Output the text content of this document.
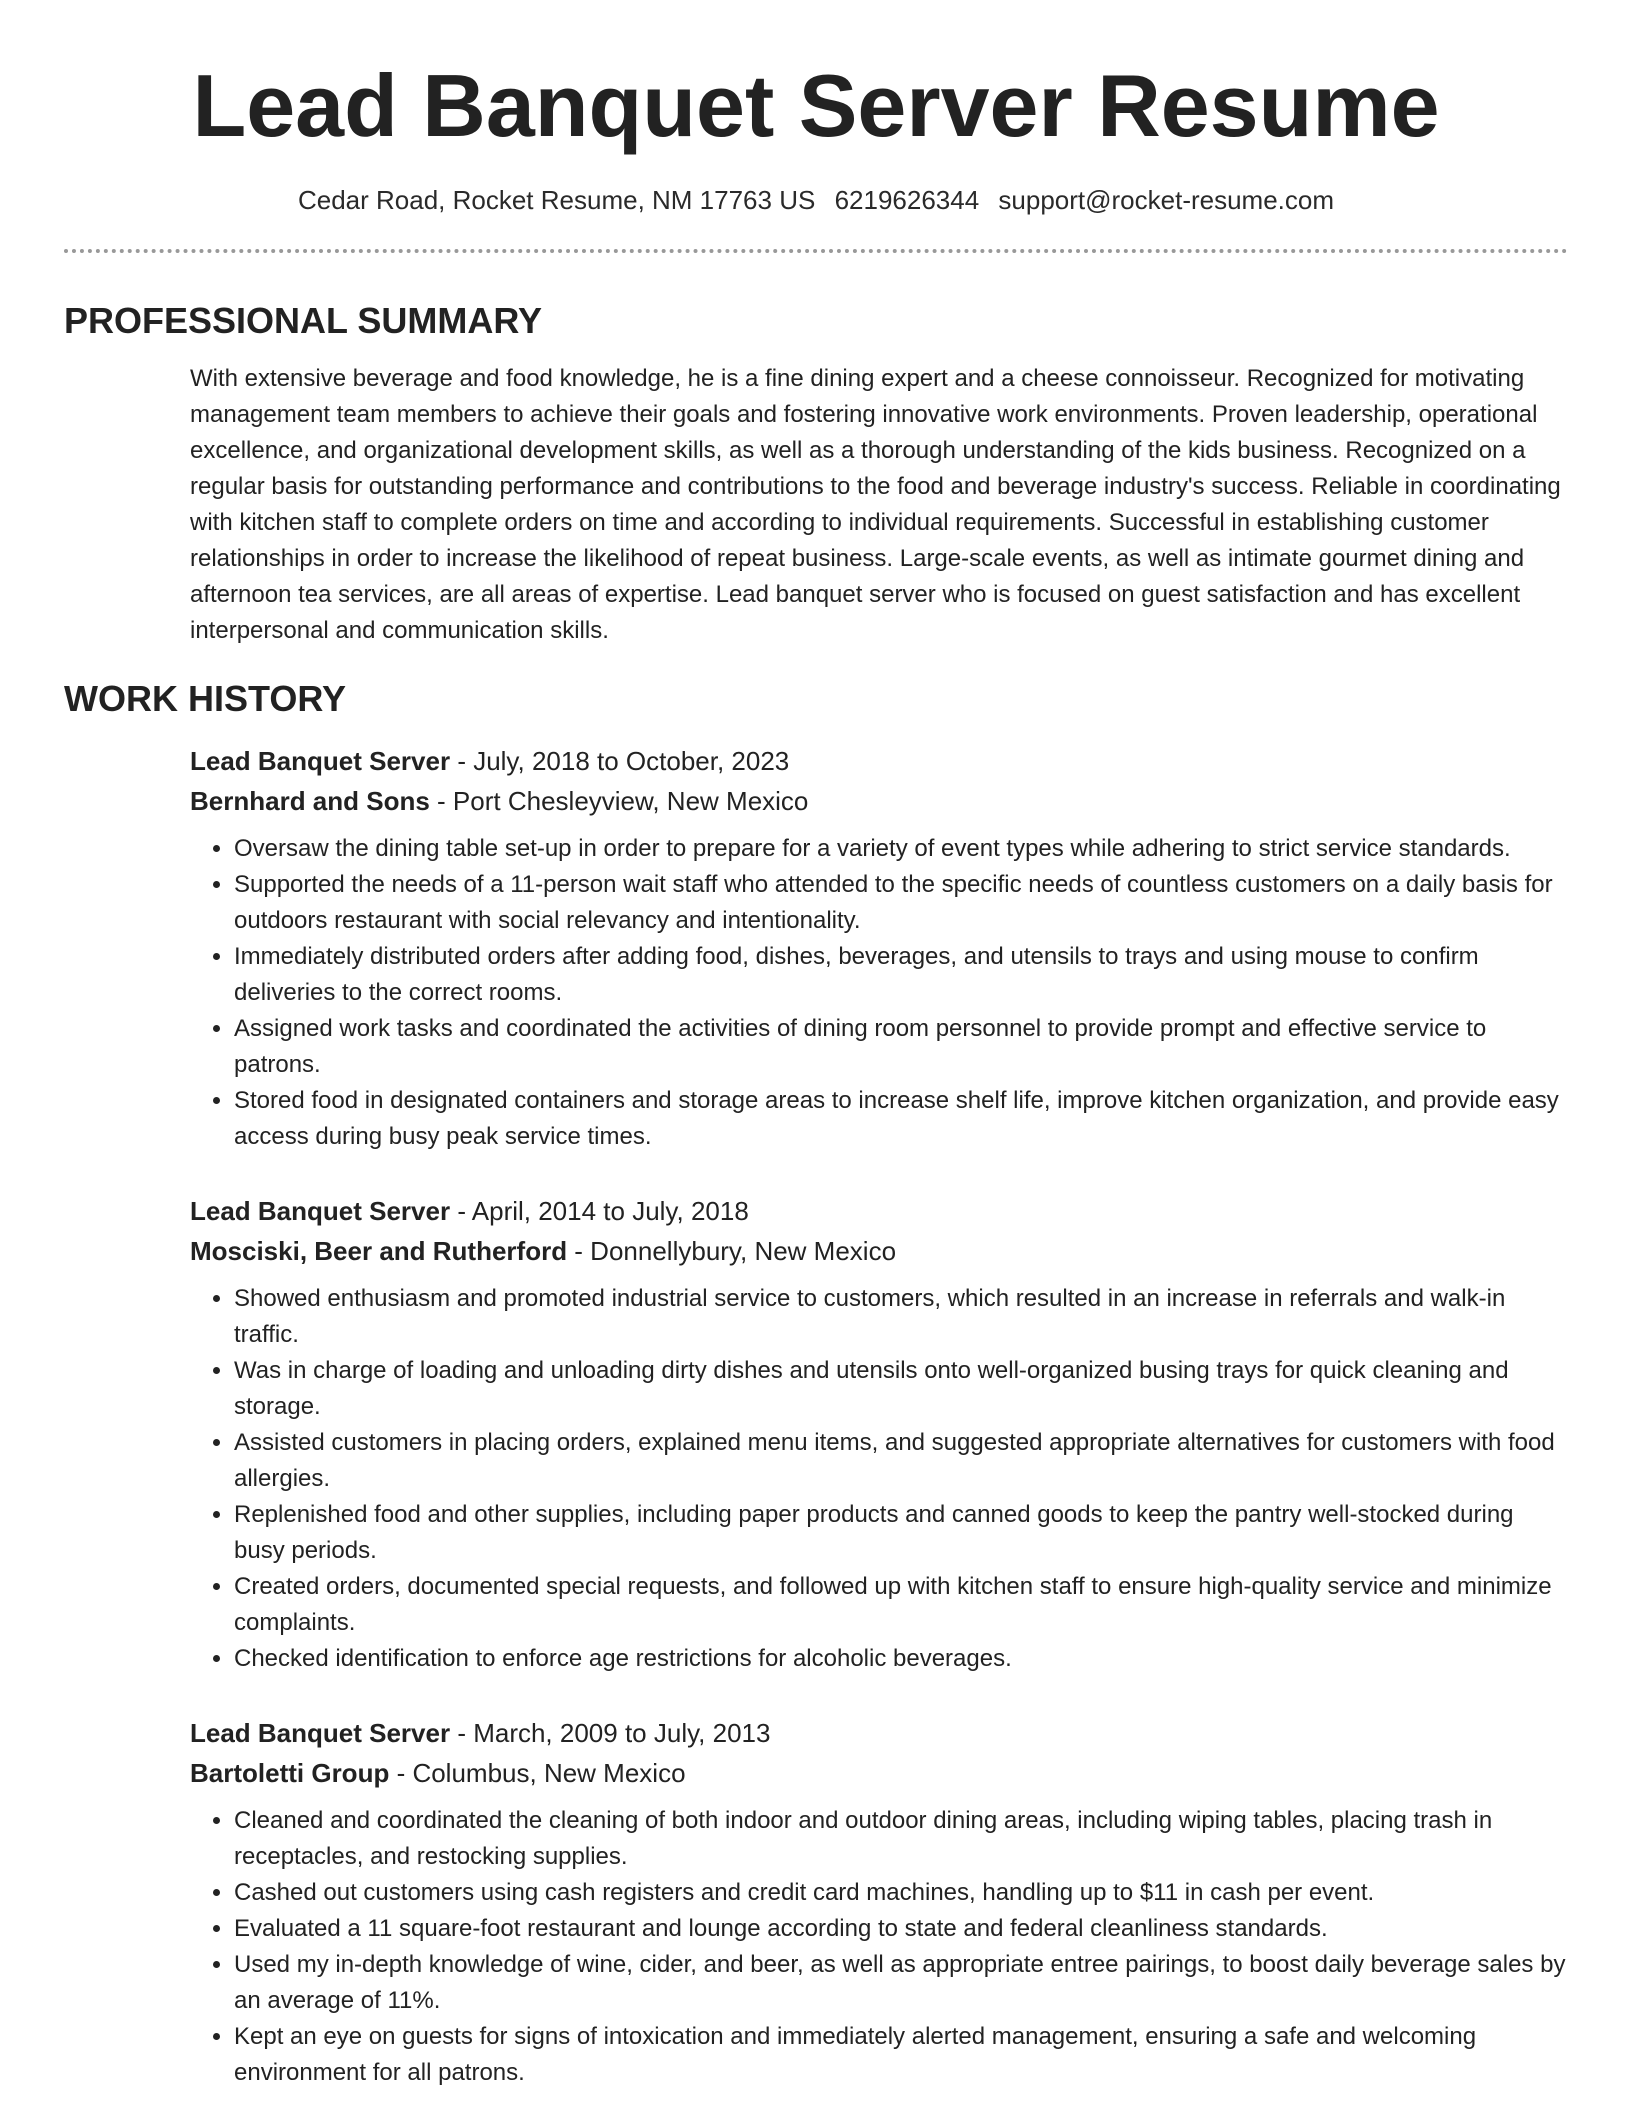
Lead Banquet Server Resume
Cedar Road, Rocket Resume, NM 17763 US 6219626344 support@rocket-resume.com
PROFESSIONAL SUMMARY

With extensive beverage and food knowledge, he is a fine dining expert and a cheese connoisseur. Recognized for motivating management team members to achieve their goals and fostering innovative work environments. Proven leadership, operational excellence, and organizational development skills, as well as a thorough understanding of the kids business. Recognized on a regular basis for outstanding performance and contributions to the food and beverage industry's success. Reliable in coordinating with kitchen staff to complete orders on time and according to individual requirements. Successful in establishing customer relationships in order to increase the likelihood of repeat business. Large-scale events, as well as intimate gourmet dining and afternoon tea services, are all areas of expertise. Lead banquet server who is focused on guest satisfaction and has excellent interpersonal and communication skills.

WORK HISTORY
Lead Banquet Server - July, 2018 to October, 2023
Bernhard and Sons - Port Chesleyview, New Mexico
• Oversaw the dining table set-up in order to prepare for a variety of event types while adhering to strict service standards.
• Supported the needs of a 11-person wait staff who attended to the specific needs of countless customers on a daily basis for outdoors restaurant with social relevancy and intentionality.
• Immediately distributed orders after adding food, dishes, beverages, and utensils to trays and using mouse to confirm deliveries to the correct rooms.
• Assigned work tasks and coordinated the activities of dining room personnel to provide prompt and effective service to patrons.
• Stored food in designated containers and storage areas to increase shelf life, improve kitchen organization, and provide easy access during busy peak service times.
Lead Banquet Server - April, 2014 to July, 2018
Mosciski, Beer and Rutherford - Donnellybury, New Mexico
• Showed enthusiasm and promoted industrial service to customers, which resulted in an increase in referrals and walk-in traffic.
• Was in charge of loading and unloading dirty dishes and utensils onto well-organized busing trays for quick cleaning and storage.
• Assisted customers in placing orders, explained menu items, and suggested appropriate alternatives for customers with food allergies.
• Replenished food and other supplies, including paper products and canned goods to keep the pantry well-stocked during busy periods.
• Created orders, documented special requests, and followed up with kitchen staff to ensure high-quality service and minimize complaints.
• Checked identification to enforce age restrictions for alcoholic beverages.
Lead Banquet Server - March, 2009 to July, 2013
Bartoletti Group - Columbus, New Mexico
• Cleaned and coordinated the cleaning of both indoor and outdoor dining areas, including wiping tables, placing trash in receptacles, and restocking supplies.
• Cashed out customers using cash registers and credit card machines, handling up to $11 in cash per event.
• Evaluated a 11 square-foot restaurant and lounge according to state and federal cleanliness standards.
• Used my in-depth knowledge of wine, cider, and beer, as well as appropriate entree pairings, to boost daily beverage sales by an average of 11%.
• Kept an eye on guests for signs of intoxication and immediately alerted management, ensuring a safe and welcoming environment for all patrons.
